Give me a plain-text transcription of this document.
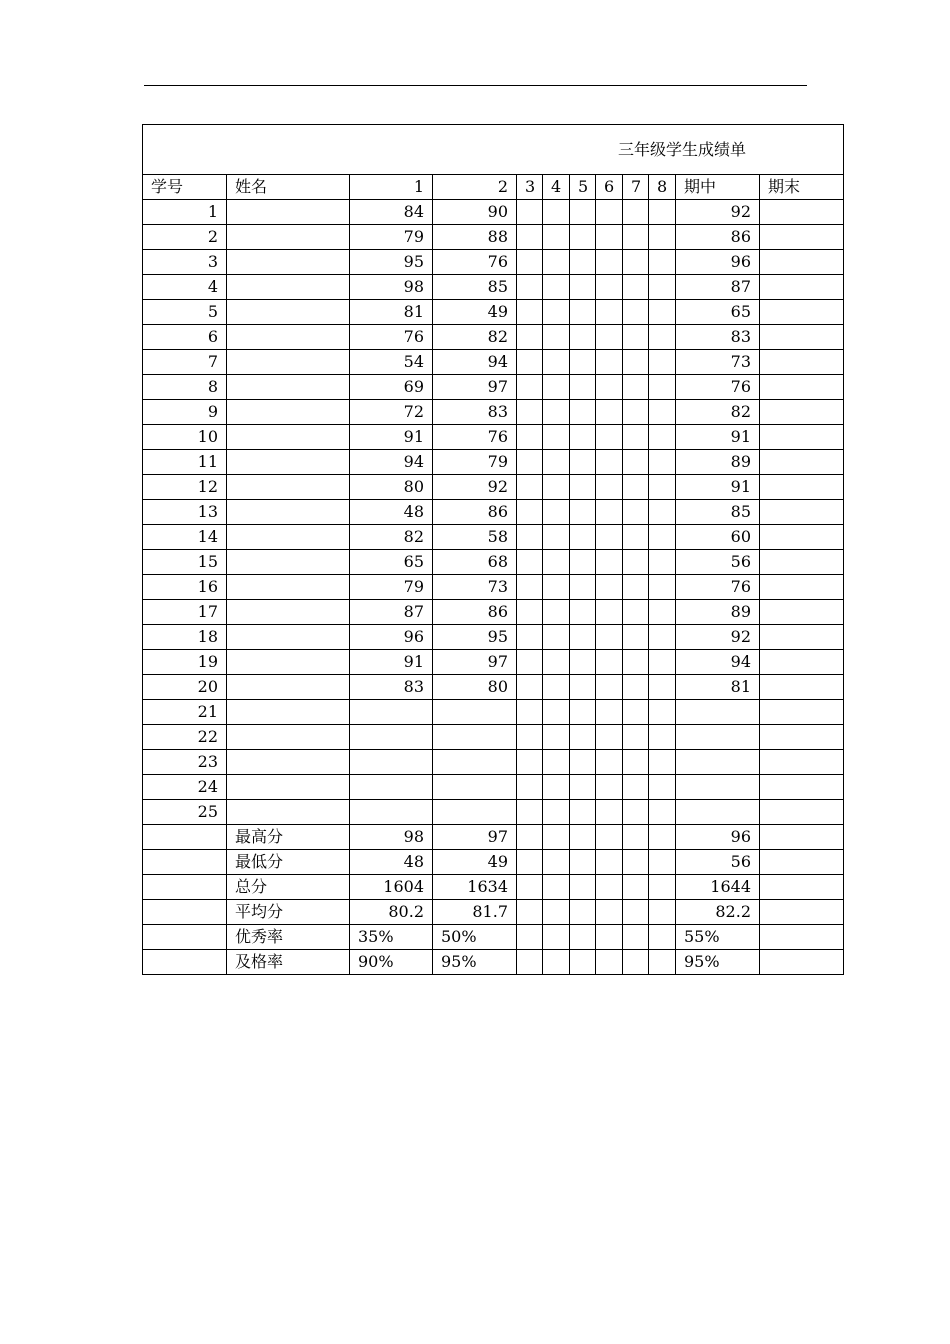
三年级学生成绩单											
学号	姓名	1	2	3	4	5	6	7	8	期中	期末
1		84	90							92	
2		79	88							86	
3		95	76							96	
4		98	85							87	
5		81	49							65	
6		76	82							83	
7		54	94							73	
8		69	97							76	
9		72	83							82	
10		91	76							91	
11		94	79							89	
12		80	92							91	
13		48	86							85	
14		82	58							60	
15		65	68							56	
16		79	73							76	
17		87	86							89	
18		96	95							92	
19		91	97							94	
20		83	80							81	
21											
22											
23											
24											
25											
	最高分	98	97							96	
	最低分	48	49							56	
	总分	1604	1634							1644	
	平均分	80.2	81.7							82.2	
	优秀率	35%	50%							55%	
	及格率	90%	95%							95%	
